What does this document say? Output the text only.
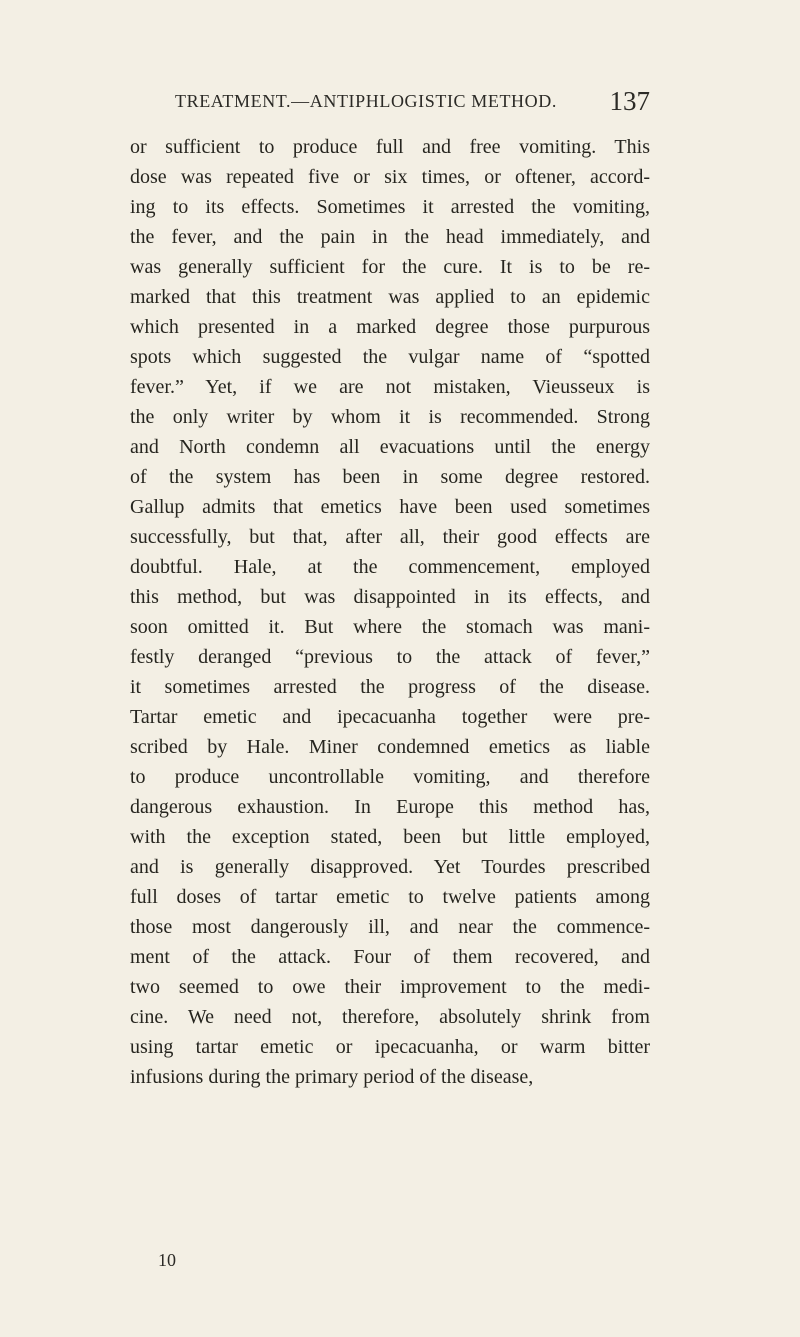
TREATMENT.—ANTIPHLOGISTIC METHOD. 137
or sufficient to produce full and free vomiting. This
dose was repeated five or six times, or oftener, accord-
ing to its effects. Sometimes it arrested the vomiting,
the fever, and the pain in the head immediately, and
was generally sufficient for the cure. It is to be re-
marked that this treatment was applied to an epidemic
which presented in a marked degree those purpurous
spots which suggested the vulgar name of “spotted
fever.” Yet, if we are not mistaken, Vieusseux is
the only writer by whom it is recommended. Strong
and North condemn all evacuations until the energy
of the system has been in some degree restored.
Gallup admits that emetics have been used sometimes
successfully, but that, after all, their good effects are
doubtful. Hale, at the commencement, employed
this method, but was disappointed in its effects, and
soon omitted it. But where the stomach was mani-
festly deranged “previous to the attack of fever,”
it sometimes arrested the progress of the disease.
Tartar emetic and ipecacuanha together were pre-
scribed by Hale. Miner condemned emetics as liable
to produce uncontrollable vomiting, and therefore
dangerous exhaustion. In Europe this method has,
with the exception stated, been but little employed,
and is generally disapproved. Yet Tourdes prescribed
full doses of tartar emetic to twelve patients among
those most dangerously ill, and near the commence-
ment of the attack. Four of them recovered, and
two seemed to owe their improvement to the medi-
cine. We need not, therefore, absolutely shrink from
using tartar emetic or ipecacuanha, or warm bitter
infusions during the primary period of the disease,
10
